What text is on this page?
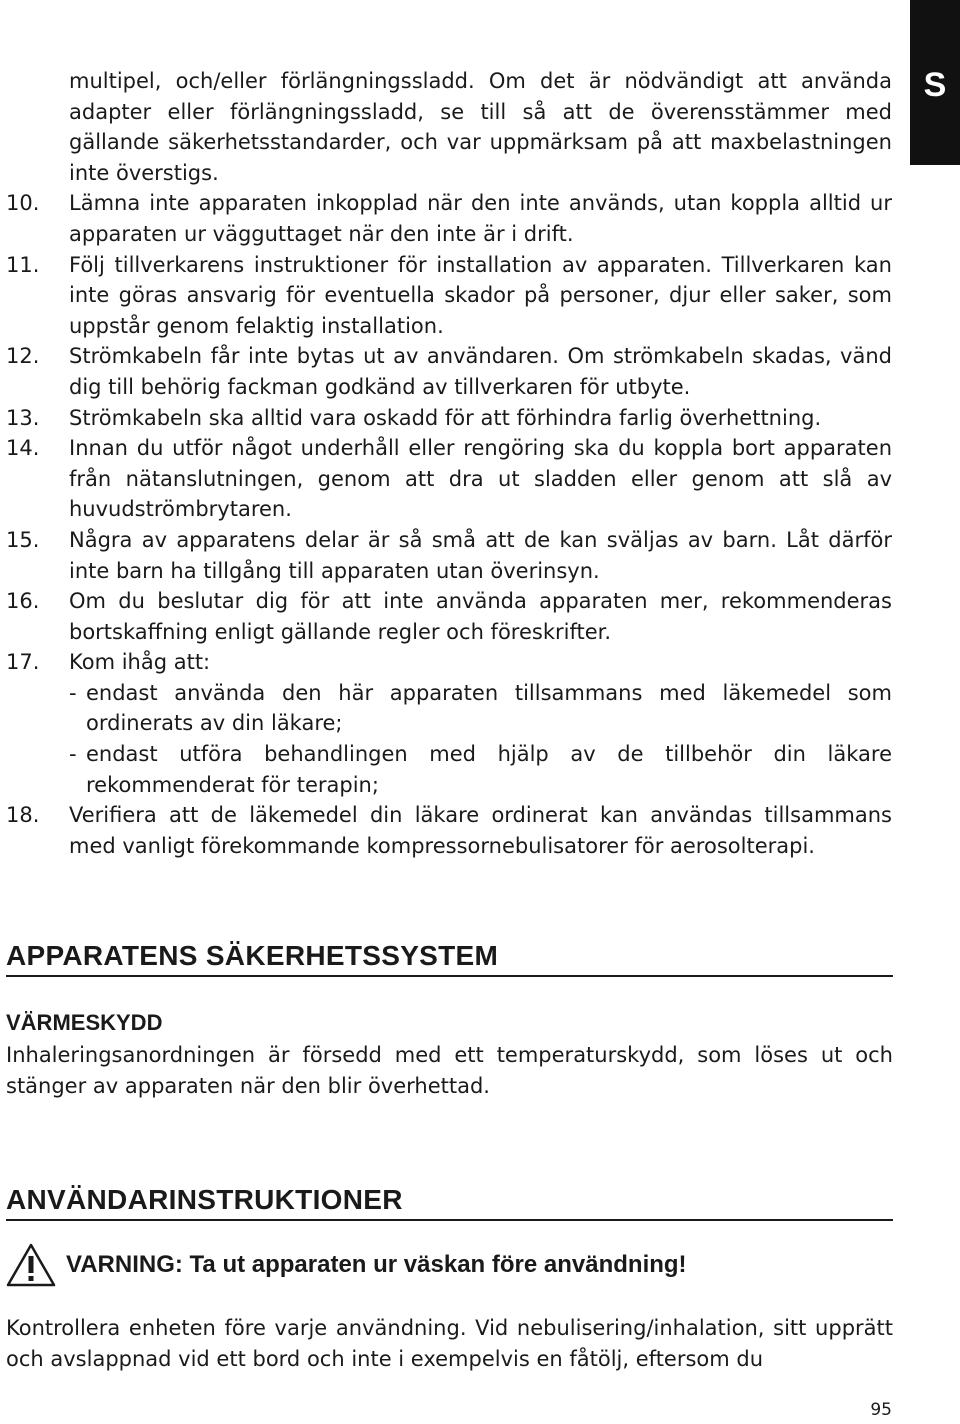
S
multipel, och/eller förlängningssladd. Om det är nödvändigt att använda adapter eller förlängningssladd, se till så att de överensstämmer med gällande säkerhetsstandarder, och var uppmärksam på att maxbelastningen inte överstigs.
10. Lämna inte apparaten inkopplad när den inte används, utan koppla alltid ur apparaten ur vägguttaget när den inte är i drift.
11. Följ tillverkarens instruktioner för installation av apparaten. Tillverkaren kan inte göras ansvarig för eventuella skador på personer, djur eller saker, som uppstår genom felaktig installation.
12. Strömkabeln får inte bytas ut av användaren. Om strömkabeln skadas, vänd dig till behörig fackman godkänd av tillverkaren för utbyte.
13. Strömkabeln ska alltid vara oskadd för att förhindra farlig överhettning.
14. Innan du utför något underhåll eller rengöring ska du koppla bort apparaten från nätanslutningen, genom att dra ut sladden eller genom att slå av huvudströmbrytaren.
15. Några av apparatens delar är så små att de kan sväljas av barn. Låt därför inte barn ha tillgång till apparaten utan överinsyn.
16. Om du beslutar dig för att inte använda apparaten mer, rekommenderas bortskaffning enligt gällande regler och föreskrifter.
17. Kom ihåg att:
- endast använda den här apparaten tillsammans med läkemedel som ordinerats av din läkare;
- endast utföra behandlingen med hjälp av de tillbehör din läkare rekommenderat för terapin;
18. Verifiera att de läkemedel din läkare ordinerat kan användas tillsammans med vanligt förekommande kompressornebulisatorer för aerosolterapi.
APPARATENS SÄKERHETSSYSTEM
VÄRMESKYDD
Inhaleringsanordningen är försedd med ett temperaturskydd, som löses ut och stänger av apparaten när den blir överhettad.
ANVÄNDARINSTRUKTIONER
VARNING: Ta ut apparaten ur väskan före användning!
Kontrollera enheten före varje användning. Vid nebulisering/inhalation, sitt upprätt och avslappnad vid ett bord och inte i exempelvis en fåtölj, eftersom du
95
